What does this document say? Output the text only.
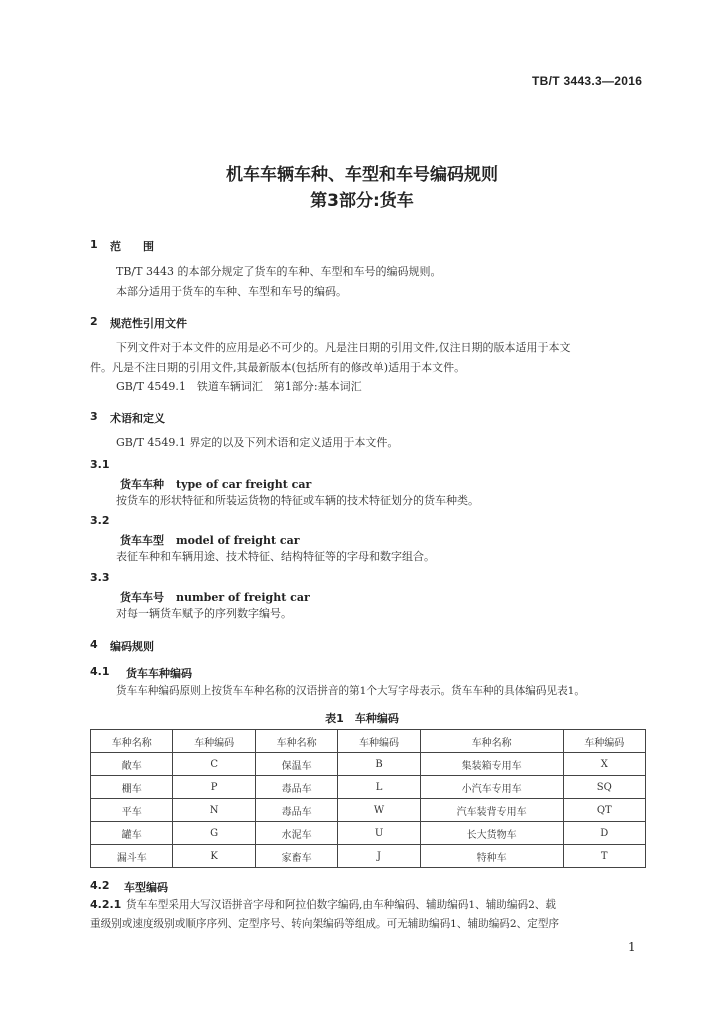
TB/T 3443.3—2016
机车车辆车种、车型和车号编码规则
第3部分:货车
1 范　　围
TB/T 3443 的本部分规定了货车的车种、车型和车号的编码规则。
本部分适用于货车的车种、车型和车号的编码。
2 规范性引用文件
下列文件对于本文件的应用是必不可少的。凡是注日期的引用文件,仅注日期的版本适用于本文
件。凡是不注日期的引用文件,其最新版本(包括所有的修改单)适用于本文件。
GB/T 4549.1　铁道车辆词汇　第1部分:基本词汇
3 术语和定义
GB/T 4549.1 界定的以及下列术语和定义适用于本文件。
3.1
货车车种 type of car freight car
按货车的形状特征和所装运货物的特征或车辆的技术特征划分的货车种类。
3.2
货车车型 model of freight car
表征车种和车辆用途、技术特征、结构特征等的字母和数字组合。
3.3
货车车号 number of freight car
对每一辆货车赋予的序列数字编号。
4 编码规则
4.1 货车车种编码
货车车种编码原则上按货车车种名称的汉语拼音的第1个大写字母表示。货车车种的具体编码见表1。
表1　车种编码
车种名称	车种编码	车种名称	车种编码	车种名称	车种编码
敞车	C	保温车	B	集装箱专用车	X
棚车	P	毒品车	L	小汽车专用车	SQ
平车	N	毒品车	W	汽车装背专用车	QT
罐车	G	水泥车	U	长大货物车	D
漏斗车	K	家畜车	J	特种车	T
4.2 车型编码
4.2.1 货车车型采用大写汉语拼音字母和阿拉伯数字编码,由车种编码、辅助编码1、辅助编码2、载
重级别或速度级别或顺序序列、定型序号、转向架编码等组成。可无辅助编码1、辅助编码2、定型序
1
